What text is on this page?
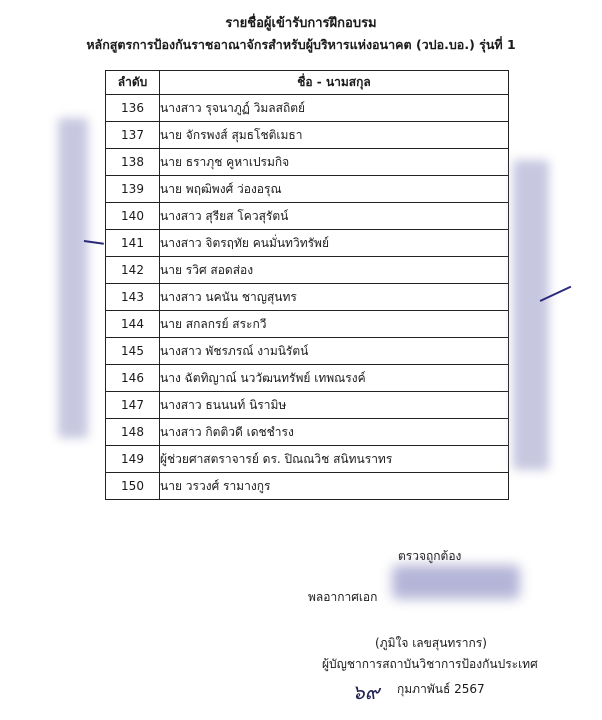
รายชื่อผู้เข้ารับการฝึกอบรม
หลักสูตรการป้องกันราชอาณาจักรสำหรับผู้บริหารแห่งอนาคต (วปอ.บอ.) รุ่นที่ 1
ลำดับ	ชื่อ - นามสกุล
136	นางสาว รุจนาภูฏ์ วิมลสถิตย์
137	นาย จักรพงส์ สุมธโชติเมธา
138	นาย ธราภุช คูหาเปรมกิจ
139	นาย พฤฒิพงศ์ ว่องอรุณ
140	นางสาว สุรียส โควสุรัตน์
141	นางสาว จิตรฤทัย คนมั่นทวิทรัพย์
142	นาย รวิศ สอดส่อง
143	นางสาว นคนัน ชาญสุนทร
144	นาย สกลกรย์ สระกวี
145	นางสาว พัชรภรณ์ งามนิรัตน์
146	นาง ฉัตทิญาณ์ นววัฒนทรัพย์ เทพณรงค์
147	นางสาว ธนนนท์ นิรามิษ
148	นางสาว กิตติวดี เดชชำรง
149	ผู้ช่วยศาสตราจารย์ ดร. ปิณณวิช สนิทนราทร
150	นาย วรวงศ์ รามางกูร
ตรวจถูกต้อง
พลอากาศเอก
(ภูมิใจ เลขสุนทรากร)
ผู้บัญชาการสถาบันวิชาการป้องกันประเทศ
๖๙ กุมภาพันธ์ 2567
